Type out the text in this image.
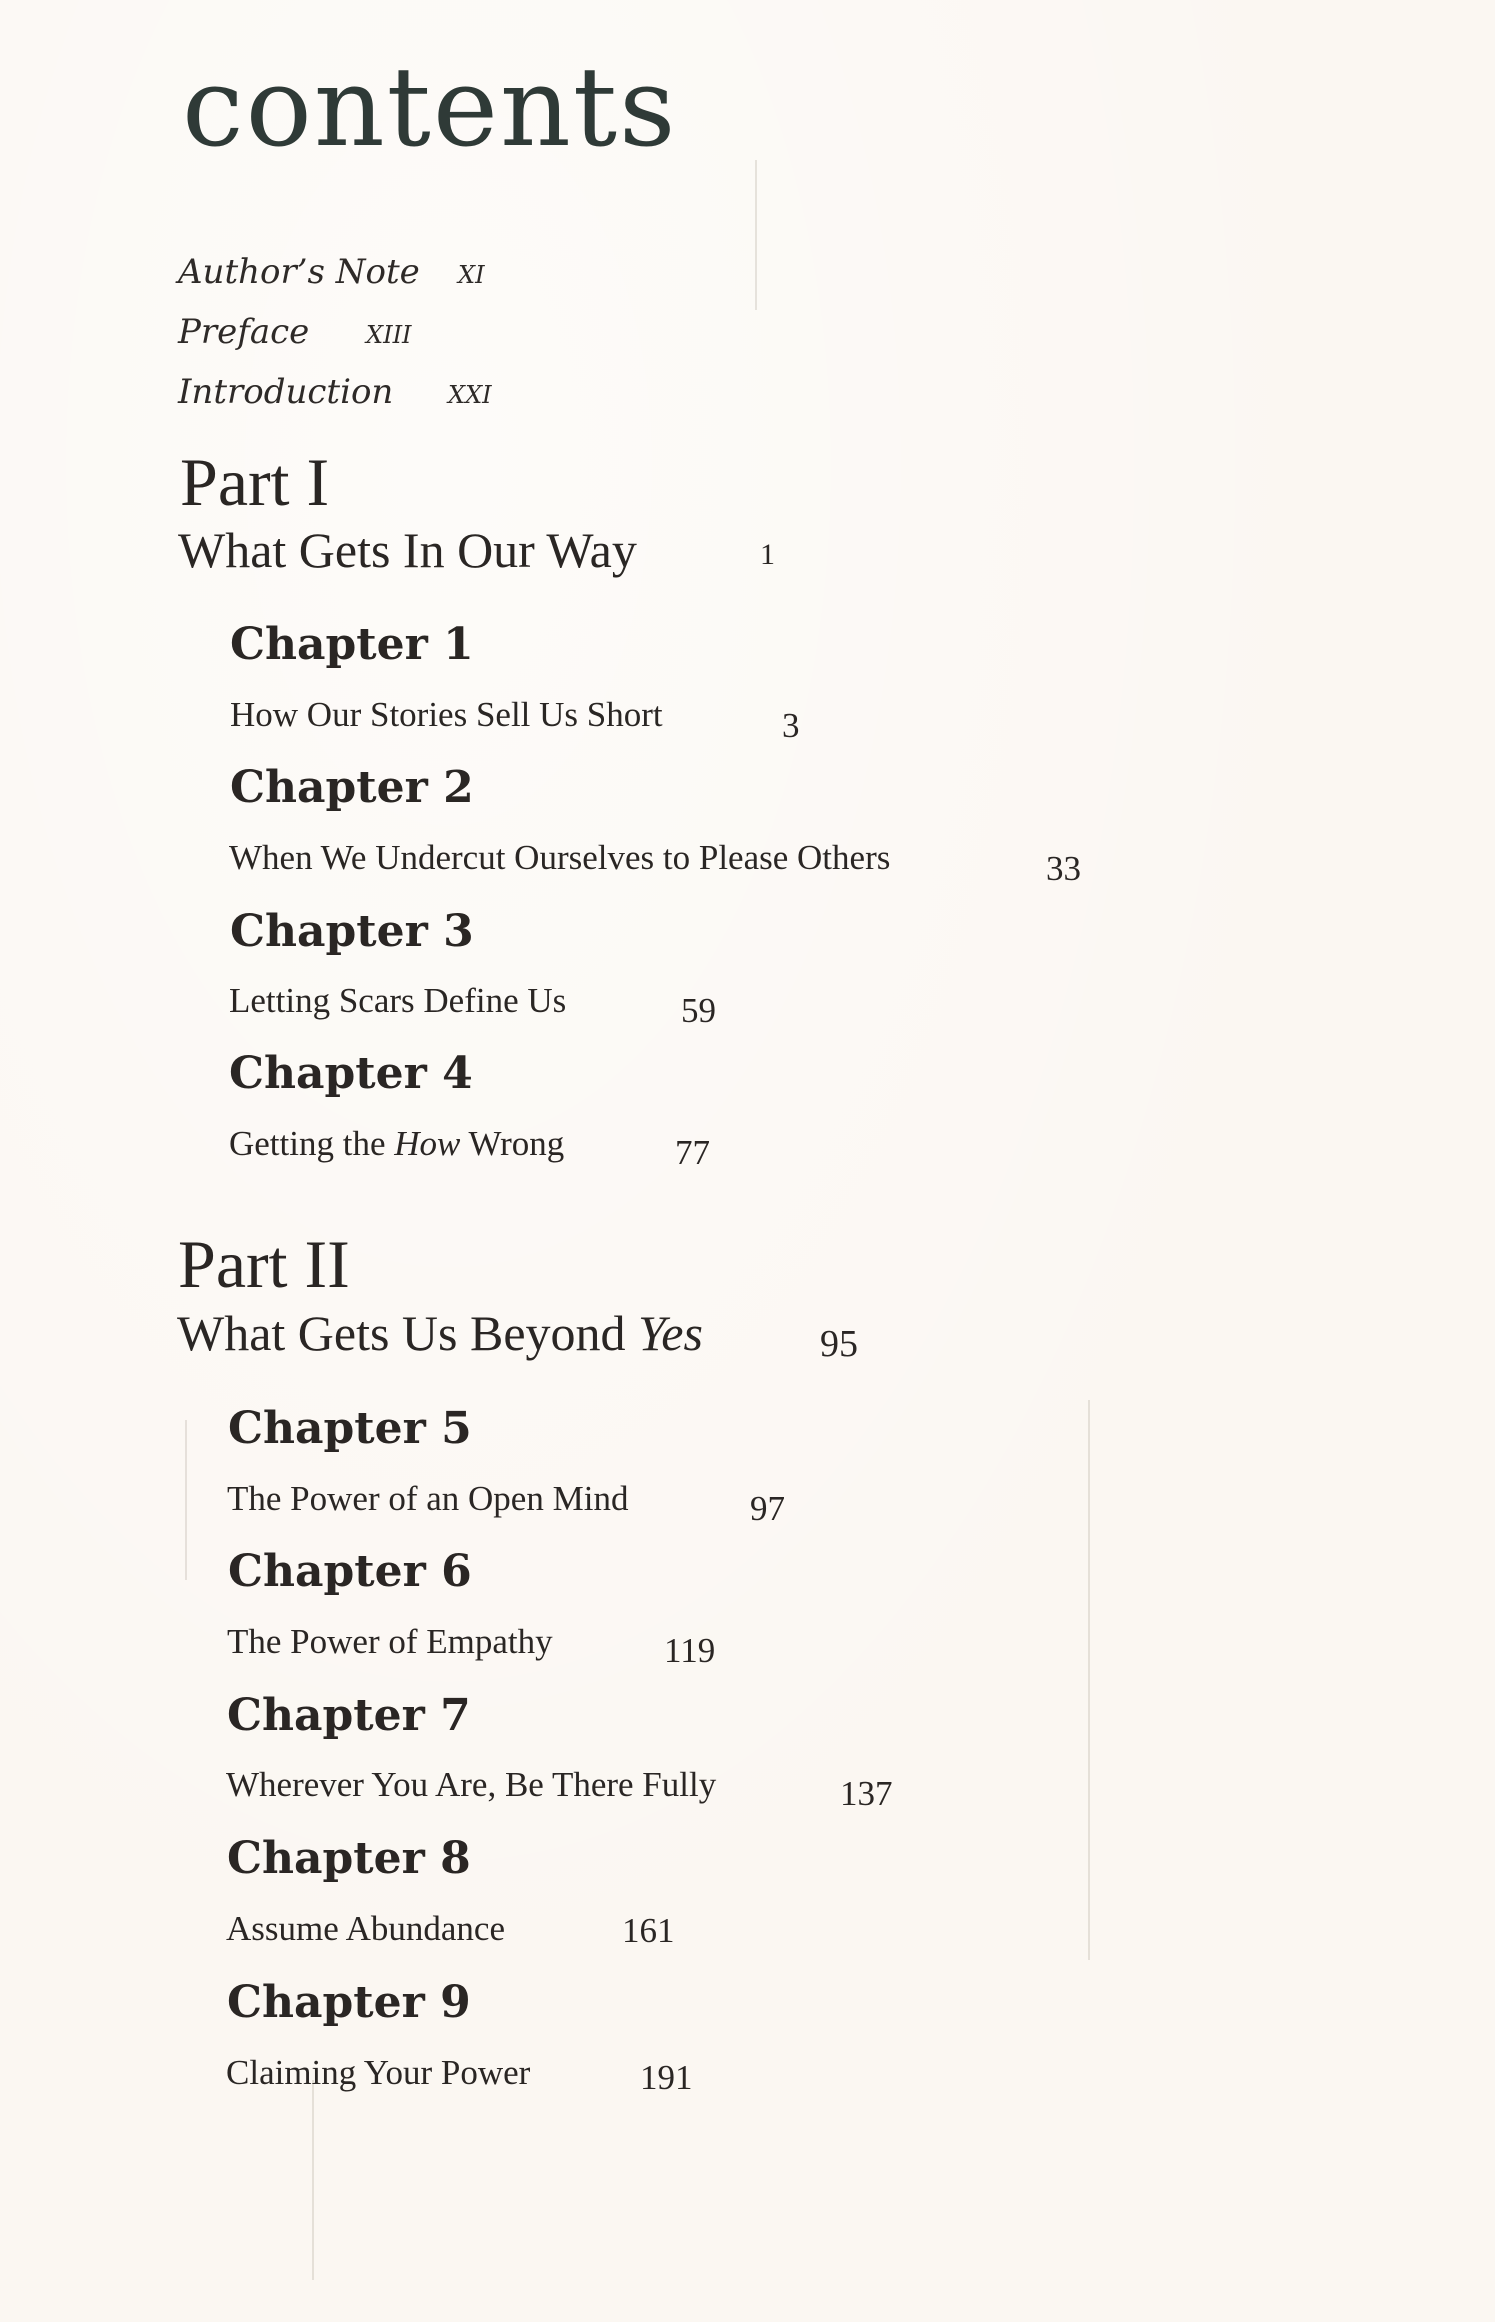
contents
Author’s Note XI
Preface XIII
Introduction XXI
Part I
What Gets In Our Way	1
Chapter 1
How Our Stories Sell Us Short	3
Chapter 2
When We Undercut Ourselves to Please Others	33
Chapter 3
Letting Scars Define Us	59
Chapter 4
Getting the How Wrong	77
Part II
What Gets Us Beyond Yes	95
Chapter 5
The Power of an Open Mind	97
Chapter 6
The Power of Empathy	119
Chapter 7
Wherever You Are, Be There Fully	137
Chapter 8
Assume Abundance	161
Chapter 9
Claiming Your Power	191
